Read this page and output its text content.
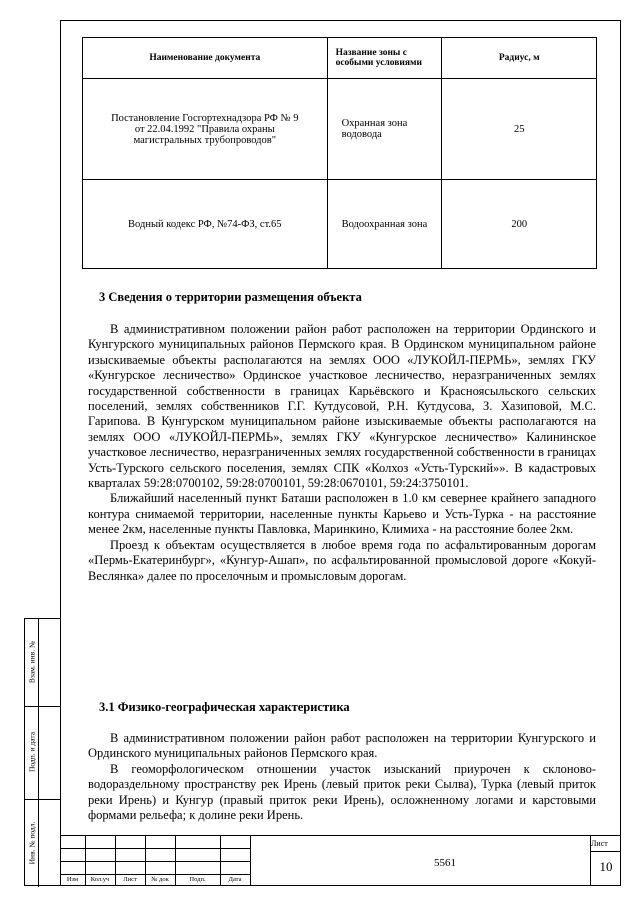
Взам. инв. №
Подп. и дата
Инв. № подл.
Наименование документа	Название зоны с особыми условиями	Радиус, м
Постановление Госгортехнадзора РФ № 9 от 22.04.1992 "Правила охраны магистральных трубопроводов"	Охранная зона водовода	25
Водный кодекс РФ, №74-ФЗ, ст.65	Водоохранная зона	200
3 Сведения о территории размещения объекта

В административном положении район работ расположен на территории Ординского и Кунгурского муниципальных районов Пермского края. В Ординском муниципальном районе изыскиваемые объекты располагаются на землях ООО «ЛУКОЙЛ-ПЕРМЬ», землях ГКУ «Кунгурское лесничество» Ординское участковое лесничество, неразграниченных землях государственной собственности в границах Карьёвского и Красноясыльского сельских поселений, землях собственников Г.Г. Кутдусовой, Р.Н. Кутдусова, З. Хазиповой, М.С. Гарипова. В Кунгурском муниципальном районе изыскиваемые объекты располагаются на землях ООО «ЛУКОЙЛ-ПЕРМЬ», землях ГКУ «Кунгурское лесничество» Калининское участковое лесничество, неразграниченных землях государственной собственности в границах Усть-Турского сельского поселения, землях СПК «Колхоз «Усть-Турский»». В кадастровых кварталах 59:28:0700102, 59:28:0700101, 59:28:0670101, 59:24:3750101.

Ближайший населенный пункт Баташи расположен в 1.0 км севернее крайнего западного контура снимаемой территории, населенные пункты Карьево и Усть-Турка - на расстояние менее 2км, населенные пункты Павловка, Маринкино, Климиха - на расстояние более 2км.

Проезд к объектам осуществляется в любое время года по асфальтированным дорогам «Пермь-Екатеринбург», «Кунгур-Ашап», по асфальтированной промысловой дороге «Кокуй-Веслянка» далее по проселочным и промысловым дорогам.

3.1 Физико-географическая характеристика

В административном положении район работ расположен на территории Кунгурского и Ординского муниципальных районов Пермского края.

В геоморфологическом отношении участок изысканий приурочен к склоново-водораздельному пространству рек Ирень (левый приток реки Сылва), Турка (левый приток реки Ирень) и Кунгур (правый приток реки Ирень), осложненному логами и карстовыми формами рельефа; к долине реки Ирень.

Изм	Кол.уч	Лист	№ док	Подп.	Дата
5561
Лист
10
